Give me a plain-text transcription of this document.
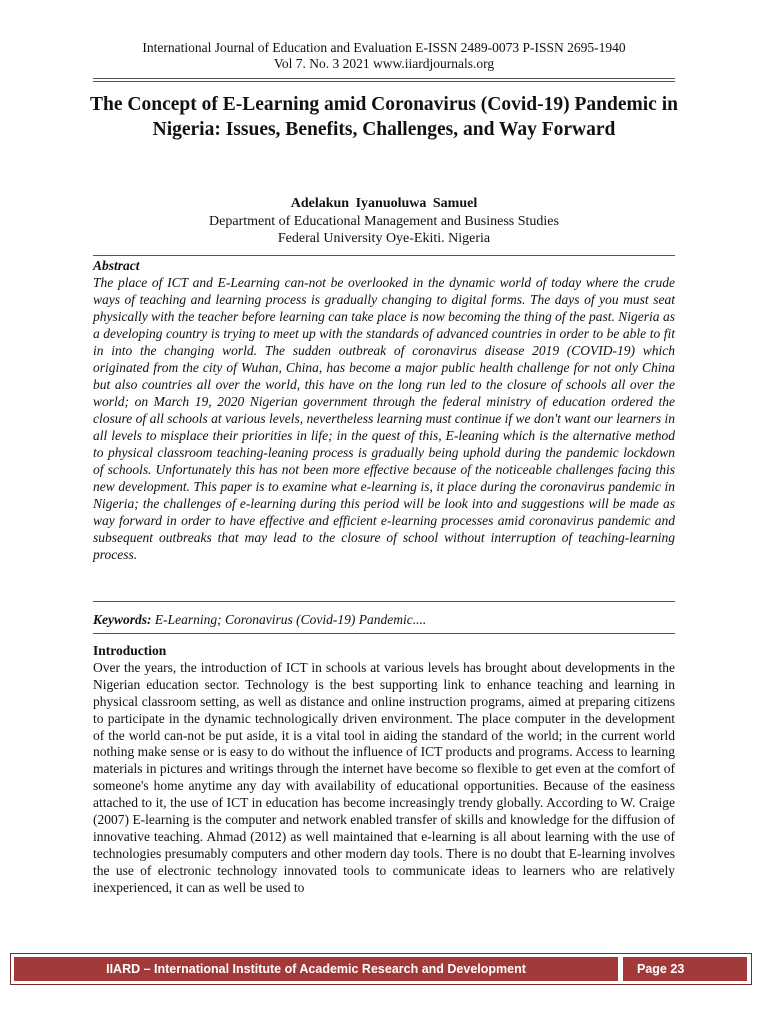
International Journal of Education and Evaluation E-ISSN 2489-0073 P-ISSN 2695-1940
Vol 7. No. 3 2021 www.iiardjournals.org
The Concept of E-Learning amid Coronavirus (Covid-19) Pandemic in Nigeria: Issues, Benefits, Challenges, and Way Forward
Adelakun Iyanuoluwa Samuel
Department of Educational Management and Business Studies
Federal University Oye-Ekiti. Nigeria
Abstract
The place of ICT and E-Learning can-not be overlooked in the dynamic world of today where the crude ways of teaching and learning process is gradually changing to digital forms. The days of you must seat physically with the teacher before learning can take place is now becoming the thing of the past. Nigeria as a developing country is trying to meet up with the standards of advanced countries in order to be able to fit in into the changing world. The sudden outbreak of coronavirus disease 2019 (COVID-19) which originated from the city of Wuhan, China, has become a major public health challenge for not only China but also countries all over the world, this have on the long run led to the closure of schools all over the world; on March 19, 2020 Nigerian government through the federal ministry of education ordered the closure of all schools at various levels, nevertheless learning must continue if we don't want our learners in all levels to misplace their priorities in life; in the quest of this, E-leaning which is the alternative method to physical classroom teaching-leaning process is gradually being uphold during the pandemic lockdown of schools. Unfortunately this has not been more effective because of the noticeable challenges facing this new development. This paper is to examine what e-learning is, it place during the coronavirus pandemic in Nigeria; the challenges of e-learning during this period will be look into and suggestions will be made as way forward in order to have effective and efficient e-learning processes amid coronavirus pandemic and subsequent outbreaks that may lead to the closure of school without interruption of teaching-learning process.
Keywords: E-Learning; Coronavirus (Covid-19) Pandemic....
Introduction
Over the years, the introduction of ICT in schools at various levels has brought about developments in the Nigerian education sector. Technology is the best supporting link to enhance teaching and learning in physical classroom setting, as well as distance and online instruction programs, aimed at preparing citizens to participate in the dynamic technologically driven environment. The place computer in the development of the world can-not be put aside, it is a vital tool in aiding the standard of the world; in the current world nothing make sense or is easy to do without the influence of ICT products and programs. Access to learning materials in pictures and writings through the internet have become so flexible to get even at the comfort of someone's home anytime any day with availability of educational opportunities. Because of the easiness attached to it, the use of ICT in education has become increasingly trendy globally. According to W. Craige (2007) E-learning is the computer and network enabled transfer of skills and knowledge for the diffusion of innovative teaching. Ahmad (2012) as well maintained that e-learning is all about learning with the use of technologies presumably computers and other modern day tools. There is no doubt that E-learning involves the use of electronic technology innovated tools to communicate ideas to learners who are relatively inexperienced, it can as well be used to
IIARD – International Institute of Academic Research and Development	Page 23
